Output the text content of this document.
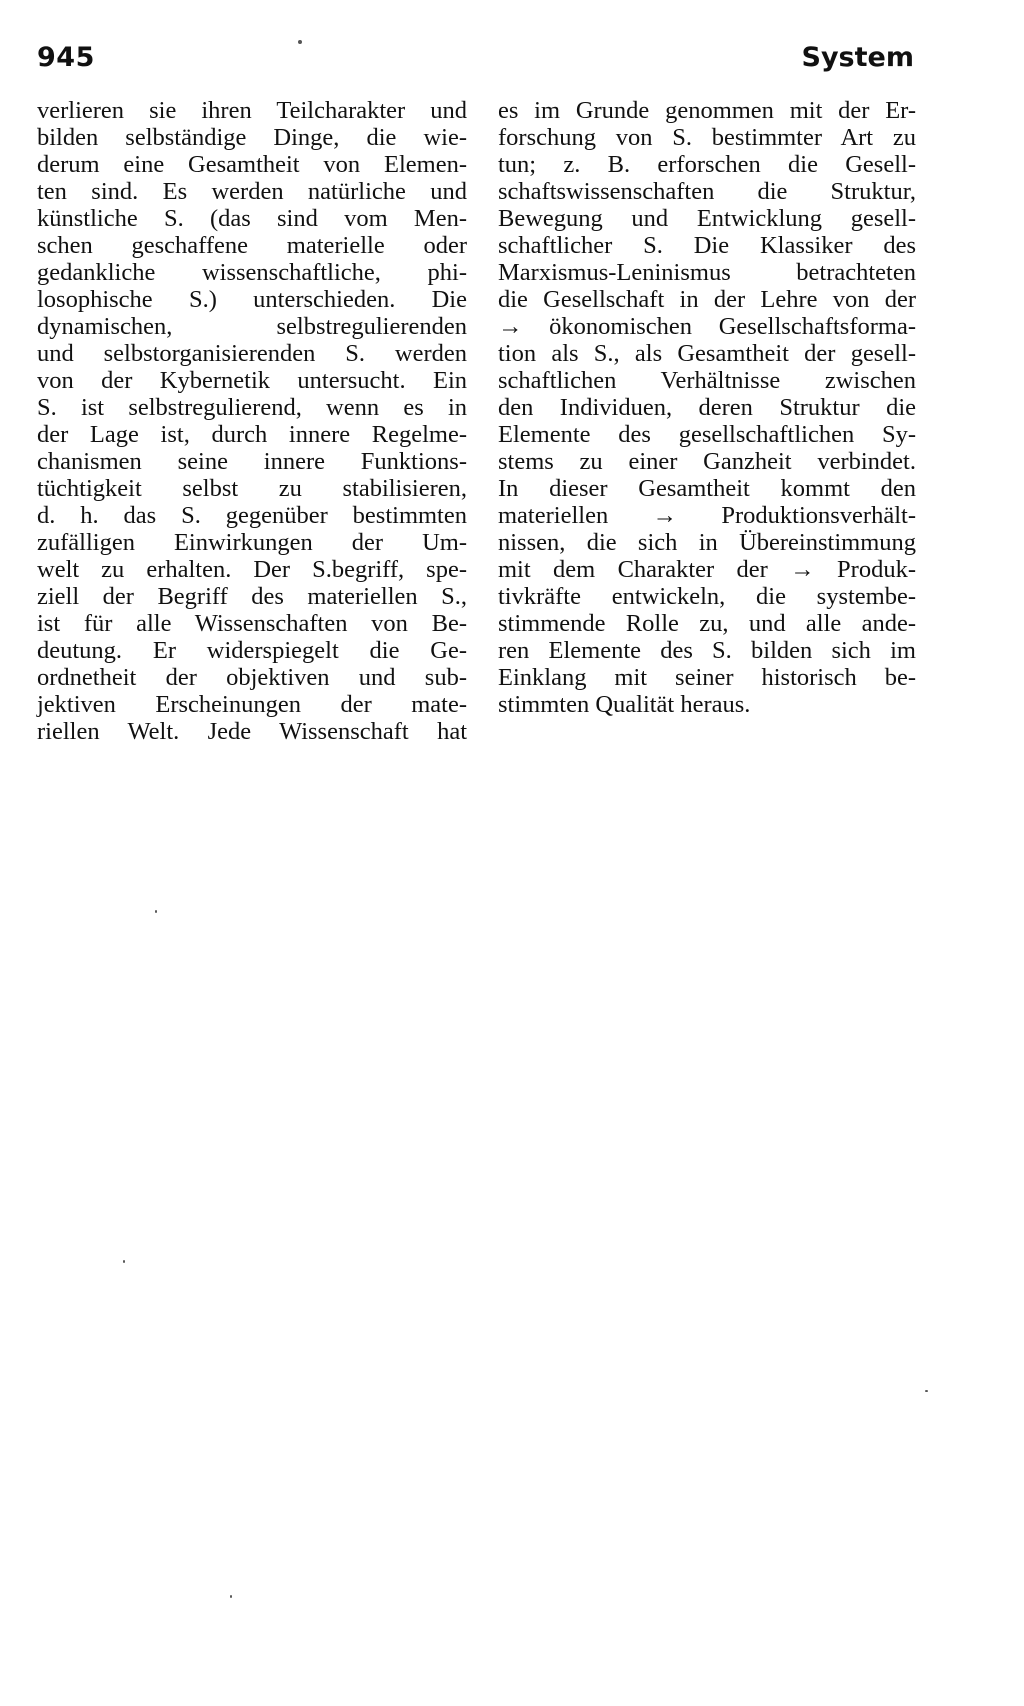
945	System
verlieren sie ihren Teilcharakter und
bilden selbständige Dinge, die wie-
derum eine Gesamtheit von Elemen-
ten sind. Es werden natürliche und
künstliche S. (das sind vom Men-
schen geschaffene materielle oder
gedankliche wissenschaftliche, phi-
losophische S.) unterschieden. Die
dynamischen, selbstregulierenden
und selbstorganisierenden S. werden
von der Kybernetik untersucht. Ein
S. ist selbstregulierend, wenn es in
der Lage ist, durch innere Regelme-
chanismen seine innere Funktions-
tüchtigkeit selbst zu stabilisieren,
d. h. das S. gegenüber bestimmten
zufälligen Einwirkungen der Um-
welt zu erhalten. Der S.begriff, spe-
ziell der Begriff des materiellen S.,
ist für alle Wissenschaften von Be-
deutung. Er widerspiegelt die Ge-
ordnetheit der objektiven und sub-
jektiven Erscheinungen der mate-
riellen Welt. Jede Wissenschaft hat
es im Grunde genommen mit der Er-
forschung von S. bestimmter Art zu
tun; z. B. erforschen die Gesell-
schaftswissenschaften die Struktur,
Bewegung und Entwicklung gesell-
schaftlicher S. Die Klassiker des
Marxismus-Leninismus betrachteten
die Gesellschaft in der Lehre von der
→ ökonomischen Gesellschaftsforma-
tion als S., als Gesamtheit der gesell-
schaftlichen Verhältnisse zwischen
den Individuen, deren Struktur die
Elemente des gesellschaftlichen Sy-
stems zu einer Ganzheit verbindet.
In dieser Gesamtheit kommt den
materiellen → Produktionsverhält-
nissen, die sich in Übereinstimmung
mit dem Charakter der → Produk-
tivkräfte entwickeln, die systembe-
stimmende Rolle zu, und alle ande-
ren Elemente des S. bilden sich im
Einklang mit seiner historisch be-
stimmten Qualität heraus.
